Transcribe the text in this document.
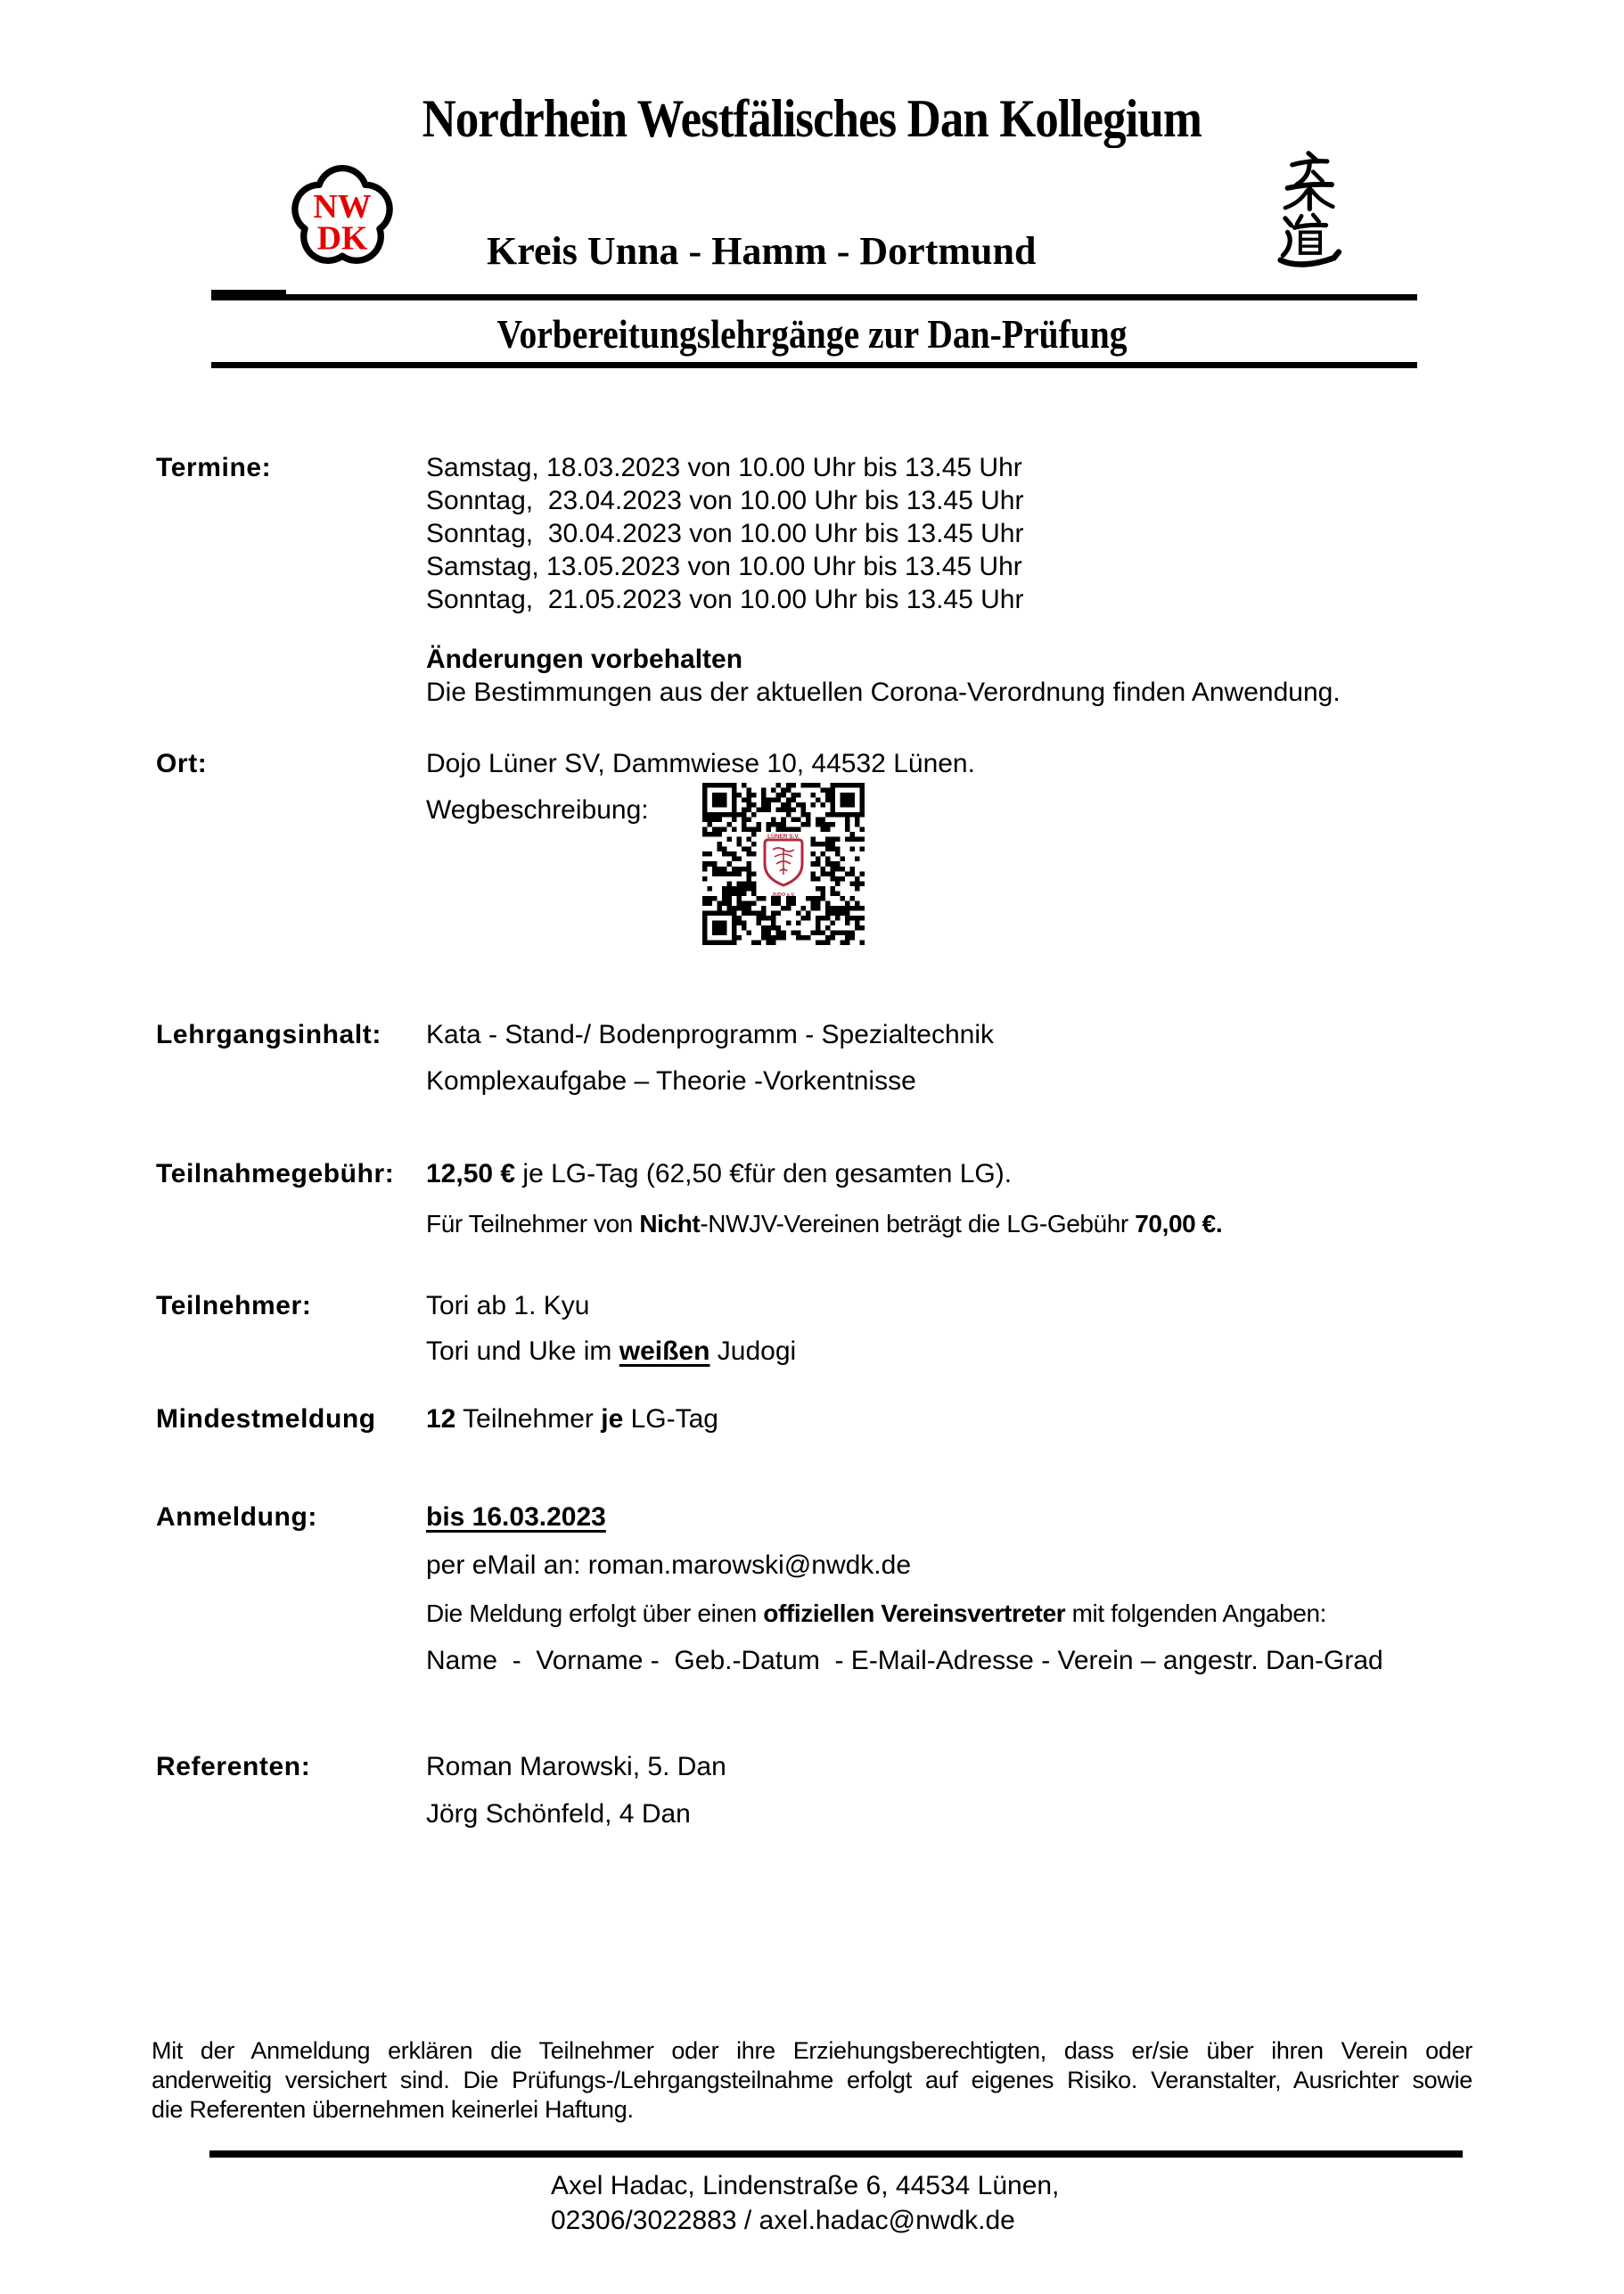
Nordrhein Westfälisches Dan Kollegium
NW
DK	Kreis Unna - Hamm - Dortmund
Vorbereitungslehrgänge zur Dan-Prüfung
Termine:	Samstag, 18.03.2023 von 10.00 Uhr bis 13.45 Uhr
Sonntag,  23.04.2023 von 10.00 Uhr bis 13.45 Uhr
Sonntag,  30.04.2023 von 10.00 Uhr bis 13.45 Uhr
Samstag, 13.05.2023 von 10.00 Uhr bis 13.45 Uhr
Sonntag,  21.05.2023 von 10.00 Uhr bis 13.45 Uhr
Änderungen vorbehalten
Die Bestimmungen aus der aktuellen Corona-Verordnung finden Anwendung.
Ort:	Dojo Lüner SV, Dammwiese 10, 44532 Lünen.
Wegbeschreibung:
LÜNER S.V.
JUDO e.V.
Lehrgangsinhalt: Kata - Stand-/ Bodenprogramm - Spezialtechnik
Komplexaufgabe – Theorie -Vorkentnisse
Teilnahmegebühr: 12,50 € je LG-Tag (62,50 €für den gesamten LG).
Für Teilnehmer von Nicht-NWJV-Vereinen beträgt die LG-Gebühr 70,00 €.
Teilnehmer:	Tori ab 1. Kyu
Tori und Uke im weißen Judogi
Mindestmeldung 12 Teilnehmer je LG-Tag
Anmeldung:	bis 16.03.2023
per eMail an: roman.marowski@nwdk.de
Die Meldung erfolgt über einen offiziellen Vereinsvertreter mit folgenden Angaben:
Name  -  Vorname -  Geb.-Datum  - E-Mail-Adresse - Verein – angestr. Dan-Grad
Referenten:	Roman Marowski, 5. Dan
Jörg Schönfeld, 4 Dan
Mit der Anmeldung erklären die Teilnehmer oder ihre Erziehungsberechtigten, dass er/sie über ihren Verein oder
anderweitig versichert sind. Die Prüfungs-/Lehrgangsteilnahme erfolgt auf eigenes Risiko. Veranstalter, Ausrichter sowie
die Referenten übernehmen keinerlei Haftung.
Axel Hadac, Lindenstraße 6, 44534 Lünen,
02306/3022883 / axel.hadac@nwdk.de
